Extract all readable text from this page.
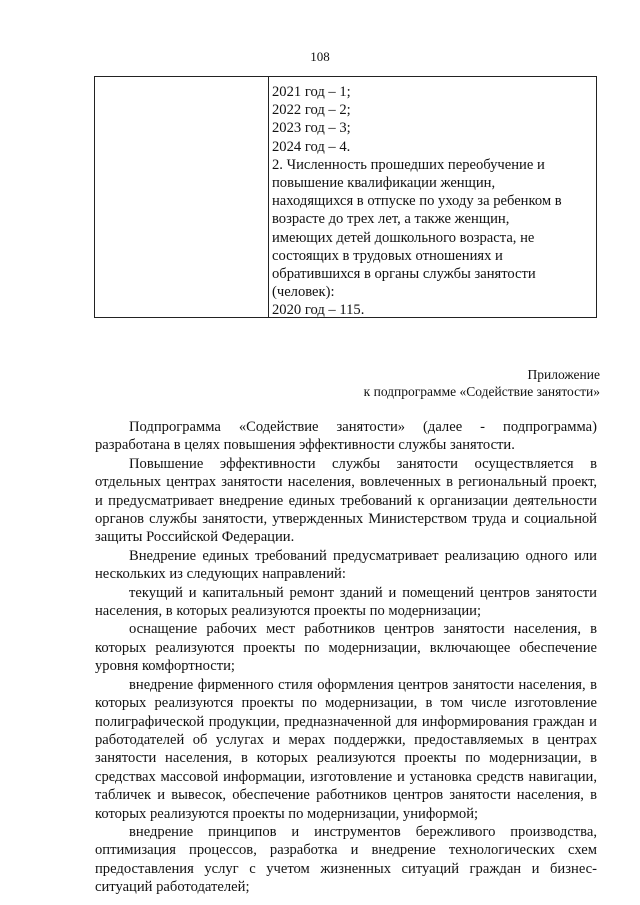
108
2021 год – 1;
2022 год – 2;
2023 год – 3;
2024 год – 4.
2. Численность прошедших переобучение и
повышение квалификации женщин,
находящихся в отпуске по уходу за ребенком в
возрасте до трех лет, а также женщин,
имеющих детей дошкольного возраста, не
состоящих в трудовых отношениях и
обратившихся в органы службы занятости
(человек):
2020 год – 115.
Приложение
к подпрограмме «Содействие занятости»

Подпрограмма «Содействие занятости» (далее - подпрограмма) разработана в целях повышения эффективности службы занятости.

Повышение эффективности службы занятости осуществляется в отдельных центрах занятости населения, вовлеченных в региональный проект, и предусматривает внедрение единых требований к организации деятельности органов службы занятости, утвержденных Министерством труда и социальной защиты Российской Федерации.

Внедрение единых требований предусматривает реализацию одного или нескольких из следующих направлений:

текущий и капитальный ремонт зданий и помещений центров занятости населения, в которых реализуются проекты по модернизации;

оснащение рабочих мест работников центров занятости населения, в которых реализуются проекты по модернизации, включающее обеспечение уровня комфортности;

внедрение фирменного стиля оформления центров занятости населения, в которых реализуются проекты по модернизации, в том числе изготовление полиграфической продукции, предназначенной для информирования граждан и работодателей об услугах и мерах поддержки, предоставляемых в центрах занятости населения, в которых реализуются проекты по модернизации, в средствах массовой информации, изготовление и установка средств навигации, табличек и вывесок, обеспечение работников центров занятости населения, в которых реализуются проекты по модернизации, униформой;

внедрение принципов и инструментов бережливого производства, оптимизация процессов, разработка и внедрение технологических схем предоставления услуг с учетом жизненных ситуаций граждан и бизнес-ситуаций работодателей;
